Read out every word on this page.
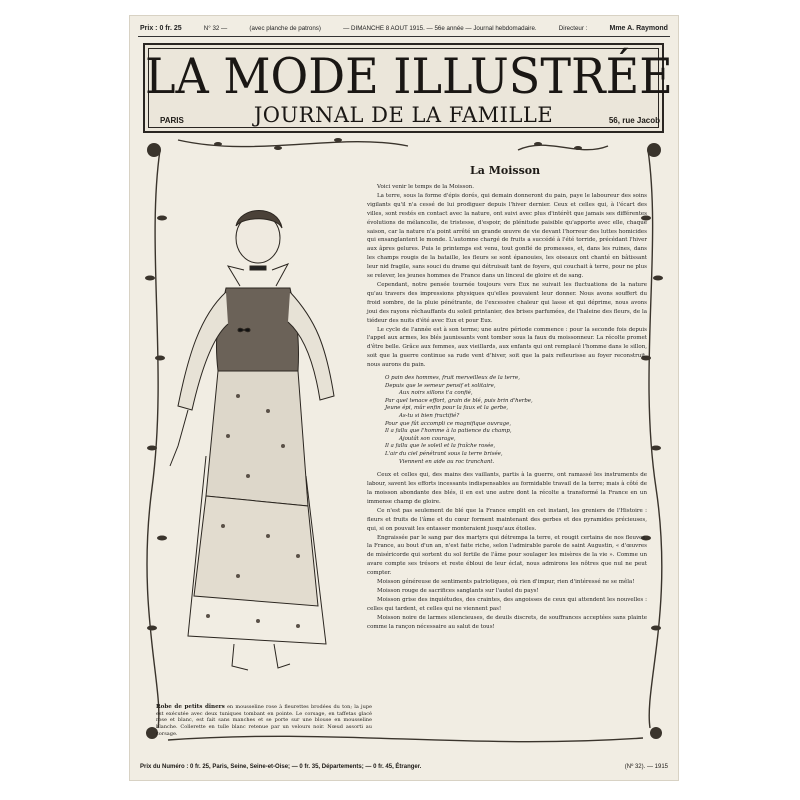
Prix : 0 fr. 25	N° 32 —	(avec planche de patrons)	— DIMANCHE 8 AOUT 1915. — 56e année — Journal hebdomadaire.	Directeur :	Mme A. Raymond
LA MODE ILLUSTRÉE
JOURNAL DE LA FAMILLE
PARIS	56, rue Jacob
La Moisson

Voici venir le temps de la Moisson.

La terre, sous la forme d'épis dorés, qui demain donneront du pain, paye le laboureur des soins vigilants qu'il n'a cessé de lui prodiguer depuis l'hiver dernier. Ceux et celles qui, à l'écart des villes, sont restés en contact avec la nature, ont suivi avec plus d'intérêt que jamais ses différentes évolutions de mélancolie, de tristesse, d'espoir, de plénitude paisible qu'apporte avec elle, chaque saison, car la nature n'a point arrêté un grande œuvre de vie devant l'horreur des luttes homicides qui ensanglantent le monde. L'automne chargé de fruits a succédé à l'été torride, précédant l'hiver aux âpres gelures. Puis le printemps est venu, tout gonflé de promesses, et, dans les ruines, dans les champs rougis de la bataille, les fleurs se sont épanouies, les oiseaux ont chanté en bâtissant leur nid fragile, sans souci du drame qui détruisait tant de foyers, qui couchait à terre, pour ne plus se relever, les jeunes hommes de France dans un linceul de gloire et de sang.

Cependant, notre pensée tournée toujours vers Eux ne suivait les fluctuations de la nature qu'au travers des impressions physiques qu'elles pouvaient leur donner. Nous avons souffert du froid sombre, de la pluie pénétrante, de l'excessive chaleur qui lasse et qui déprime, nous avons joui des rayons réchauffants du soleil printanier, des brises parfumées, de l'haleine des fleurs, de la tiédeur des nuits d'été avec Eux et pour Eux.

Le cycle de l'année est à son terme; une autre période commence : pour la seconde fois depuis l'appel aux armes, les blés jaunissants vont tomber sous la faux du moissonneur. La récolte promet d'être belle. Grâce aux femmes, aux vieillards, aux enfants qui ont remplacé l'homme dans le sillon, soit que la guerre continue sa rude vent d'hiver, soit que la paix refleurisse au foyer reconstruit, nous aurons du pain.

O pain des hommes, fruit merveilleux de la terre,
Depuis que le semeur pensif et solitaire,
Aux noirs sillons t'a confié,
Par quel tenace effort, grain de blé, puis brin d'herbe,
Jeune épi, mûr enfin pour la faux et la gerbe,
As-tu si bien fructifié?
Pour que fût accompli ce magnifique ouvrage,
Il a fallu que l'homme à la patience du champ,
Ajoutât son courage,
Il a fallu que le soleil et la fraîche rosée,
L'air du ciel pénétrant sous la terre brisée,
Viennent en aide au roc tranchant.

Ceux et celles qui, des mains des vaillants, partis à la guerre, ont ramassé les instruments de labour, savent les efforts incessants indispensables au formidable travail de la terre; mais à côté de la moisson abondante des blés, il en est une autre dont la récolte a transformé la France en un immense champ de gloire.

Ce n'est pas seulement de blé que la France emplit en cet instant, les greniers de l'Histoire : fleurs et fruits de l'âme et du cœur forment maintenant des gerbes et des pyramides précieuses, qui, si on pouvait les entasser monteraient jusqu'aux étoiles.

Engraissée par le sang par des martyrs qui détrempa la terre, et rougit certains de nos fleuves, la France, au bout d'un an, n'est faite riche, selon l'admirable parole de saint Augustin, « d'œuvres de miséricorde qui sortent du sol fertile de l'âme pour soulager les misères de la vie ». Comme un avare compte ses trésors et reste ébloui de leur éclat, nous admirons les nôtres que nul ne peut compter.

Moisson généreuse de sentiments patriotiques, où rien d'impur, rien d'intéressé ne se mêla!

Moisson rouge de sacrifices sanglants sur l'autel du pays!

Moisson grise des inquiétudes, des craintes, des angoisses de ceux qui attendent les nouvelles : celles qui tardent, et celles qui ne viennent pas!

Moisson noire de larmes silencieuses, de deuils discrets, de souffrances acceptées sans plainte comme la rançon nécessaire au salut de tous!

Robe de petits dîners en mousseline rose à fleurettes brodées du ton; la jupe est exécutée avec deux tuniques tombant en pointe. Le corsage, en taffetas glacé rose et blanc, est fait sans manches et se porte sur une blouse en mousseline blanche. Collerette en tulle blanc retenue par un velours noir. Nœud assorti au corsage.
Prix du Numéro : 0 fr. 25, Paris, Seine, Seine-et-Oise; — 0 fr. 35, Départements; — 0 fr. 45, Étranger.	(Nº 32). — 1915
